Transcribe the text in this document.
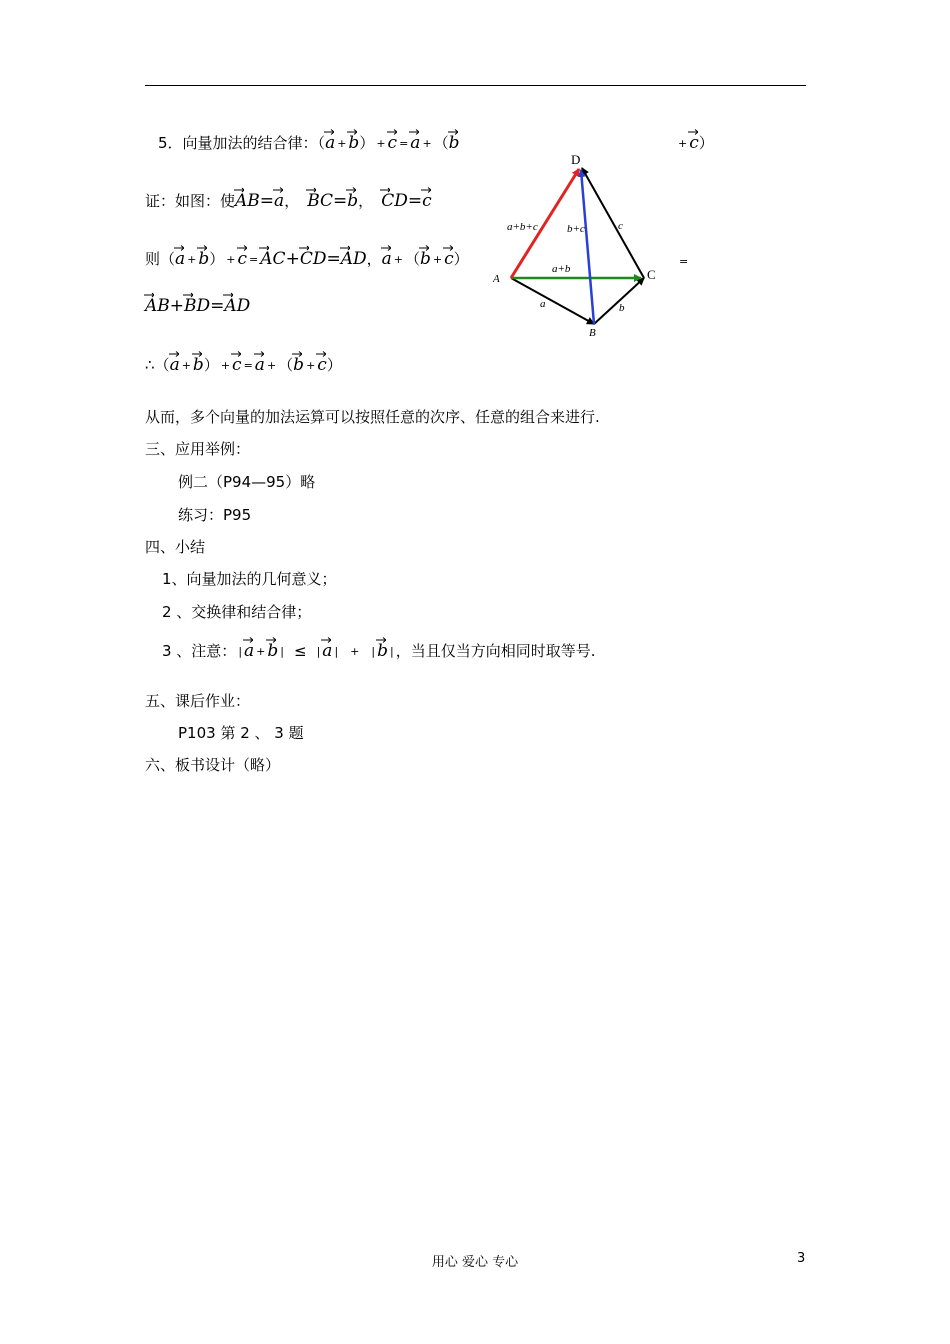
5．向量加法的结合律：（
a + b） + c = a + （
b	+ c）
证：如图：使
AB=
a， BC=
b， CD=
c
则（
a + b） + c = AC+
CD=
AD，
a + （
b + c）	=
AB+
BD=
AD
∴（
a + b） + c = a + （
b + c）
从而，多个向量的加法运算可以按照任意的次序、任意的组合来进行.
三、应用举例：
例二（P94—95）略
练习：P95
四、小结
1、向量加法的几何意义；
2 、交换律和结合律；
3 、注意： | a + b | ≤ | a | + | b | ，当且仅当方向相同时取等号.
五、课后作业：
P103 第 2 、 3 题
六、板书设计（略）
D
A	C
B
a+b+c	b+c
a+b
a	b
c
用心 爱心 专心	3
